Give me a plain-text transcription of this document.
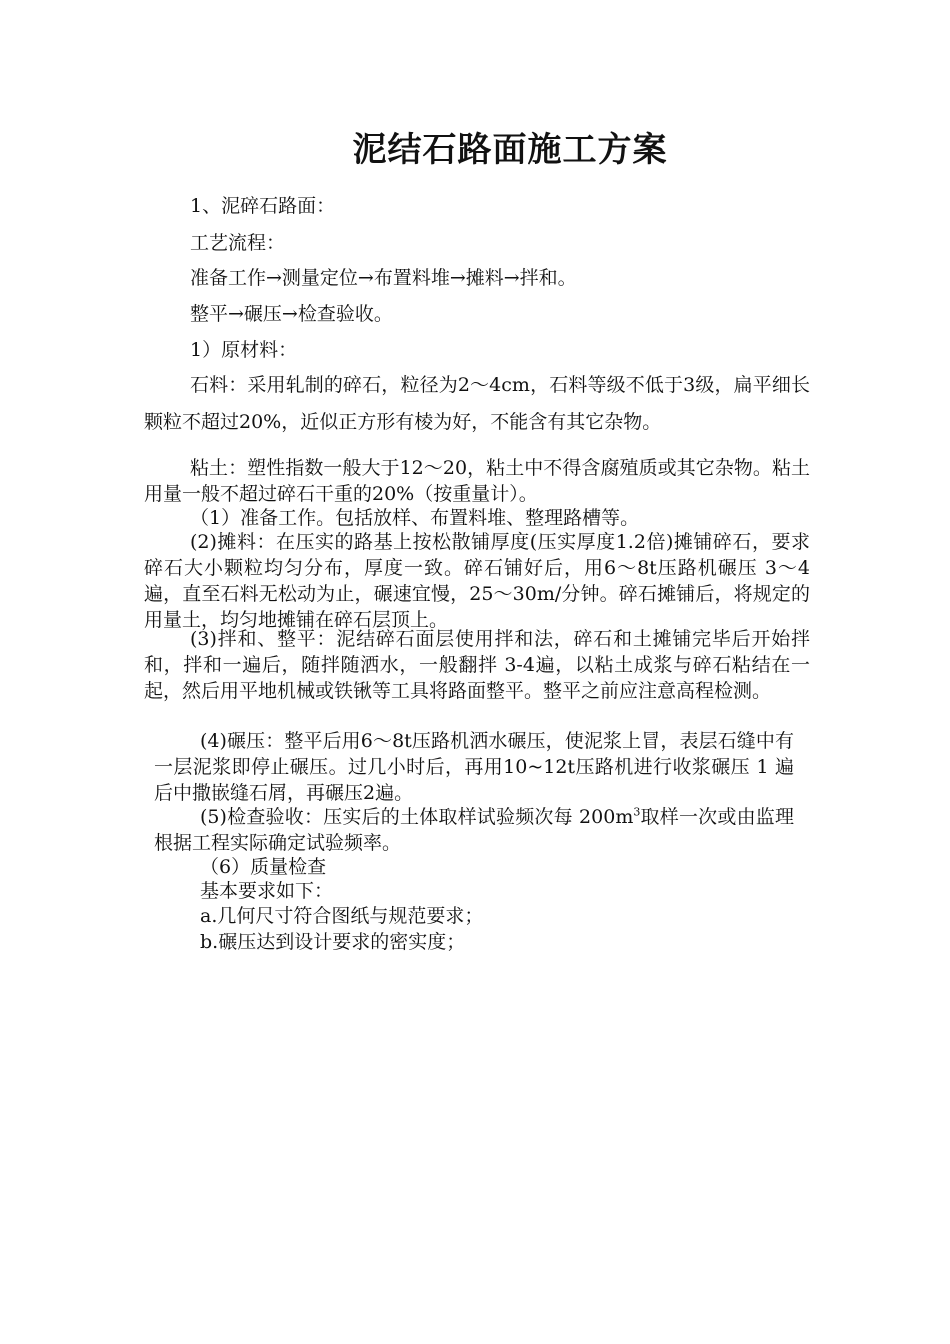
泥结石路面施工方案
1、泥碎石路面：
工艺流程：
准备工作→测量定位→布置料堆→摊料→拌和。
整平→碾压→检查验收。
1）原材料：
石料：采用轧制的碎石，粒径为2～4cm，石料等级不低于3级，扁平细长颗粒不超过20%，近似正方形有棱为好，不能含有其它杂物。
粘土：塑性指数一般大于12～20，粘土中不得含腐殖质或其它杂物。粘土用量一般不超过碎石干重的20%（按重量计）。
（1）准备工作。包括放样、布置料堆、整理路槽等。
(2)摊料：在压实的路基上按松散铺厚度(压实厚度1.2倍)摊铺碎石，要求碎石大小颗粒均匀分布，厚度一致。碎石铺好后，用6～8t压路机碾压 3～4 遍，直至石料无松动为止，碾速宜慢，25～30m/分钟。碎石摊铺后，将规定的用量土，均匀地摊铺在碎石层顶上。
(3)拌和、整平：泥结碎石面层使用拌和法，碎石和土摊铺完毕后开始拌和，拌和一遍后，随拌随洒水，一般翻拌 3-4遍，以粘土成浆与碎石粘结在一起，然后用平地机械或铁锹等工具将路面整平。整平之前应注意高程检测。
(4)碾压：整平后用6～8t压路机洒水碾压，使泥浆上冒，表层石缝中有一层泥浆即停止碾压。过几小时后，再用10~12t压路机进行收浆碾压 1 遍后中撒嵌缝石屑，再碾压2遍。
(5)检查验收：压实后的土体取样试验频次每 $200m^3$取样一次或由监理根据工程实际确定试验频率。
（6）质量检查
基本要求如下：
a.几何尺寸符合图纸与规范要求；
b.碾压达到设计要求的密实度；
